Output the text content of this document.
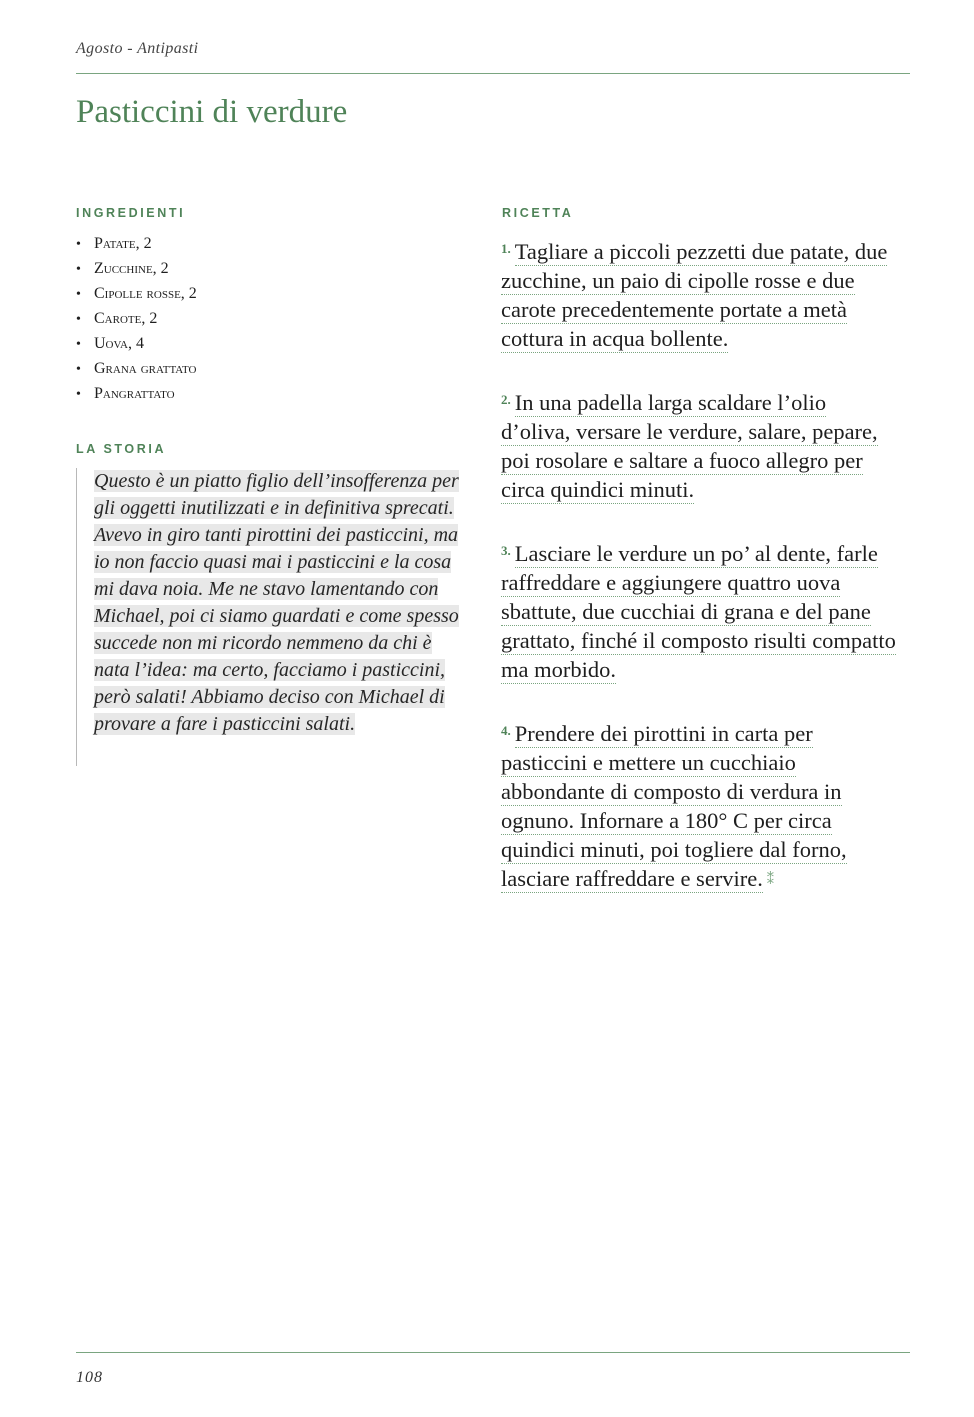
Agosto - Antipasti
Pasticcini di verdure
INGREDIENTI
• Patate, 2
• Zucchine, 2
• Cipolle rosse, 2
• Carote, 2
• Uova, 4
• Grana grattato
• Pangrattato
LA STORIA

Questo è un piatto figlio dell’insofferenza per gli oggetti inutilizzati e in definitiva sprecati. Avevo in giro tanti pirottini dei pasticcini, ma io non faccio quasi mai i pasticcini e la cosa mi dava noia. Me ne stavo lamentando con Michael, poi ci siamo guardati e come spesso succede non mi ricordo nemmeno da chi è nata l’idea: ma certo, facciamo i pasticcini, però salati! Abbiamo deciso con Michael di provare a fare i pasticcini salati.

RICETTA

$^{1.}$ Tagliare a piccoli pezzetti due patate, due zucchine, un paio di cipolle rosse e due carote precedentemente portate a metà cottura in acqua bollente.

$^{2.}$ In una padella larga scaldare l’olio d’oliva, versare le verdure, salare, pepare, poi rosolare e saltare a fuoco allegro per circa quindici minuti.

$^{3.}$ Lasciare le verdure un po’ al dente, farle raffreddare e aggiungere quattro uova sbattute, due cucchiai di grana e del pane grattato, finché il composto risulti compatto ma morbido.

$^{4.}$ Prendere dei pirottini in carta per pasticcini e mettere un cucchiaio abbondante di composto di verdura in ognuno. Infornare a 180° C per circa quindici minuti, poi togliere dal forno, lasciare raffreddare e servire. ⁑

108
